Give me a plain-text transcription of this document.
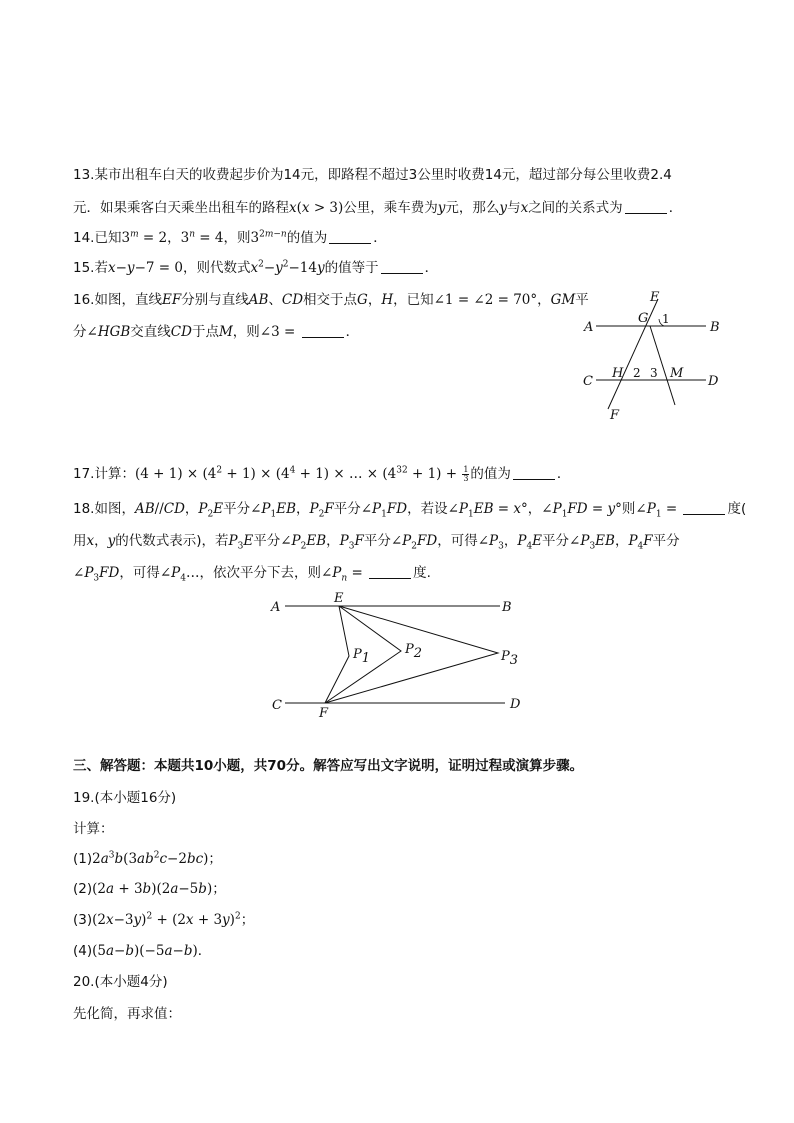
13.某市出租车白天的收费起步价为14元，即路程不超过3公里时收费14元，超过部分每公里收费2.4
元．如果乘客白天乘坐出租车的路程x(x > 3)公里，乘车费为y元，那么y与x之间的关系式为	．
14.已知$3^m = 2$，$3^n = 4$，则$3^{2m-n}$的值为	．
15.若x−y−7 = 0，则代数式$x^2-y^2-14y$的值等于	．
16.如图，直线EF分别与直线AB、CD相交于点G，H，已知∠1 = ∠2 = 70°，GM平
分∠HGB交直线CD于点M，则∠3 =	．
E
A
G 1
B
C
H 2 3 M
D
F
17.计算：$(4 + 1) \times (4^2 + 1) \times (4^4 + 1)$ × … × $(4^{32} + 1) + \frac{1}{3}$ 的值为	．
18.如图，AB//CD，$P_2E$平分$\angle P_1EB$，$P_2F$平分$\angle P_1FD$，若设$\angle P_1EB = x^\circ$，$\angle P_1FD = y^\circ$则$\angle P_1$ =	度(
用x，y的代数式表示)，若$P_3E$平分$\angle P_2EB$，$P_3F$平分$\angle P_2FD$，可得$\angle P_3$，$P_4E$平分$\angle P_3EB$，$P_4F$平分
$\angle P_3FD$，可得$\angle P_4\dots$，依次平分下去，则$\angle P_n$ =	度.
A
E
B
P1
P2	P3
C
F
D
三、解答题：本题共10小题，共70分。解答应写出文字说明，证明过程或演算步骤。
19.(本小题16分)
计算：
$(1)2a^3b(3ab^2c-2bc)$；
(2)(2a + 3b)(2a−5b)；
$(3)(2x-3y)^2 + (2x + 3y)^2$；
(4)(5a−b)(−5a−b)．
20.(本小题4分)
先化简，再求值：
